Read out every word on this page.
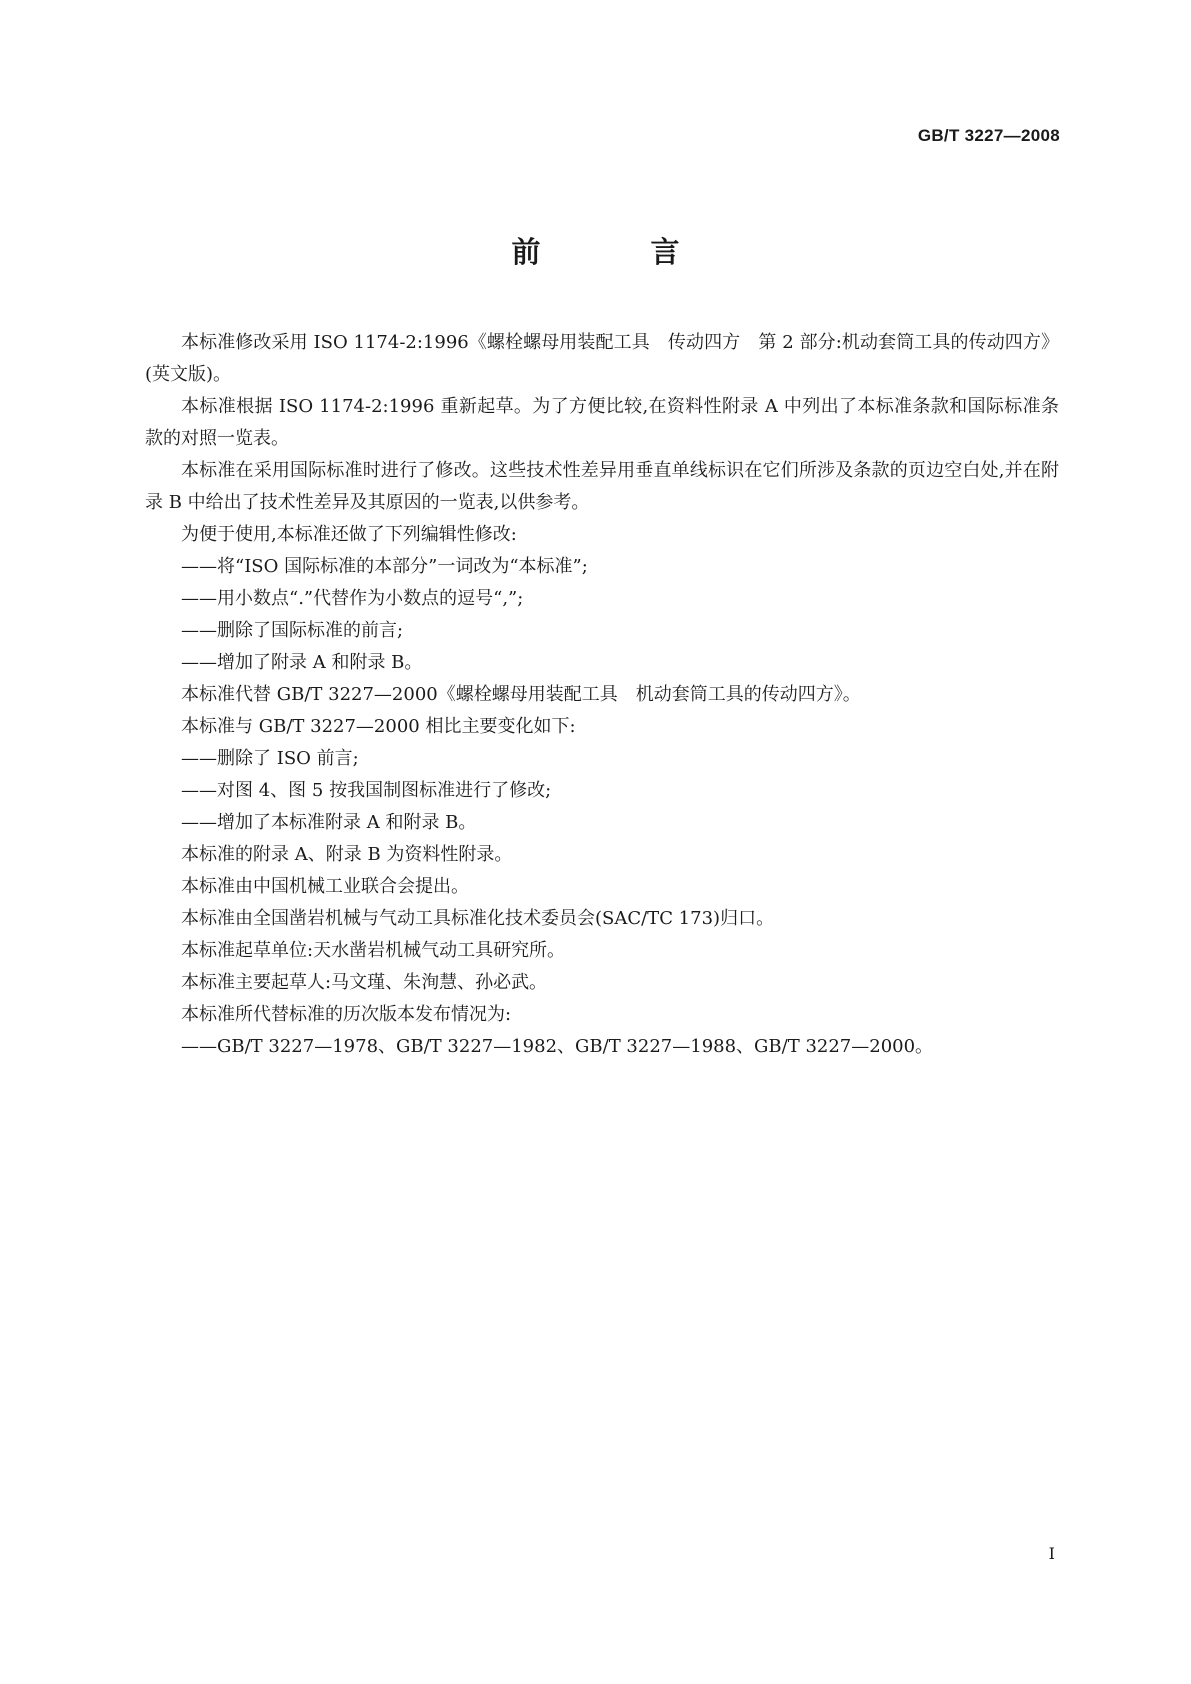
GB/T 3227—2008
前 言

本标准修改采用 ISO 1174-2:1996《螺栓螺母用装配工具　传动四方　第 2 部分:机动套筒工具的传动四方》(英文版)。

本标准根据 ISO 1174-2:1996 重新起草。为了方便比较,在资料性附录 A 中列出了本标准条款和国际标准条款的对照一览表。

本标准在采用国际标准时进行了修改。这些技术性差异用垂直单线标识在它们所涉及条款的页边空白处,并在附录 B 中给出了技术性差异及其原因的一览表,以供参考。

为便于使用,本标准还做了下列编辑性修改:

——将“ISO 国际标准的本部分”一词改为“本标准”;

——用小数点“.”代替作为小数点的逗号“,”;

——删除了国际标准的前言;

——增加了附录 A 和附录 B。

本标准代替 GB/T 3227—2000《螺栓螺母用装配工具　机动套筒工具的传动四方》。

本标准与 GB/T 3227—2000 相比主要变化如下:

——删除了 ISO 前言;

——对图 4、图 5 按我国制图标准进行了修改;

——增加了本标准附录 A 和附录 B。

本标准的附录 A、附录 B 为资料性附录。

本标准由中国机械工业联合会提出。

本标准由全国凿岩机械与气动工具标准化技术委员会(SAC/TC 173)归口。

本标准起草单位:天水凿岩机械气动工具研究所。

本标准主要起草人:马文瑾、朱洵慧、孙必武。

本标准所代替标准的历次版本发布情况为:

——GB/T 3227—1978、GB/T 3227—1982、GB/T 3227—1988、GB/T 3227—2000。

I
